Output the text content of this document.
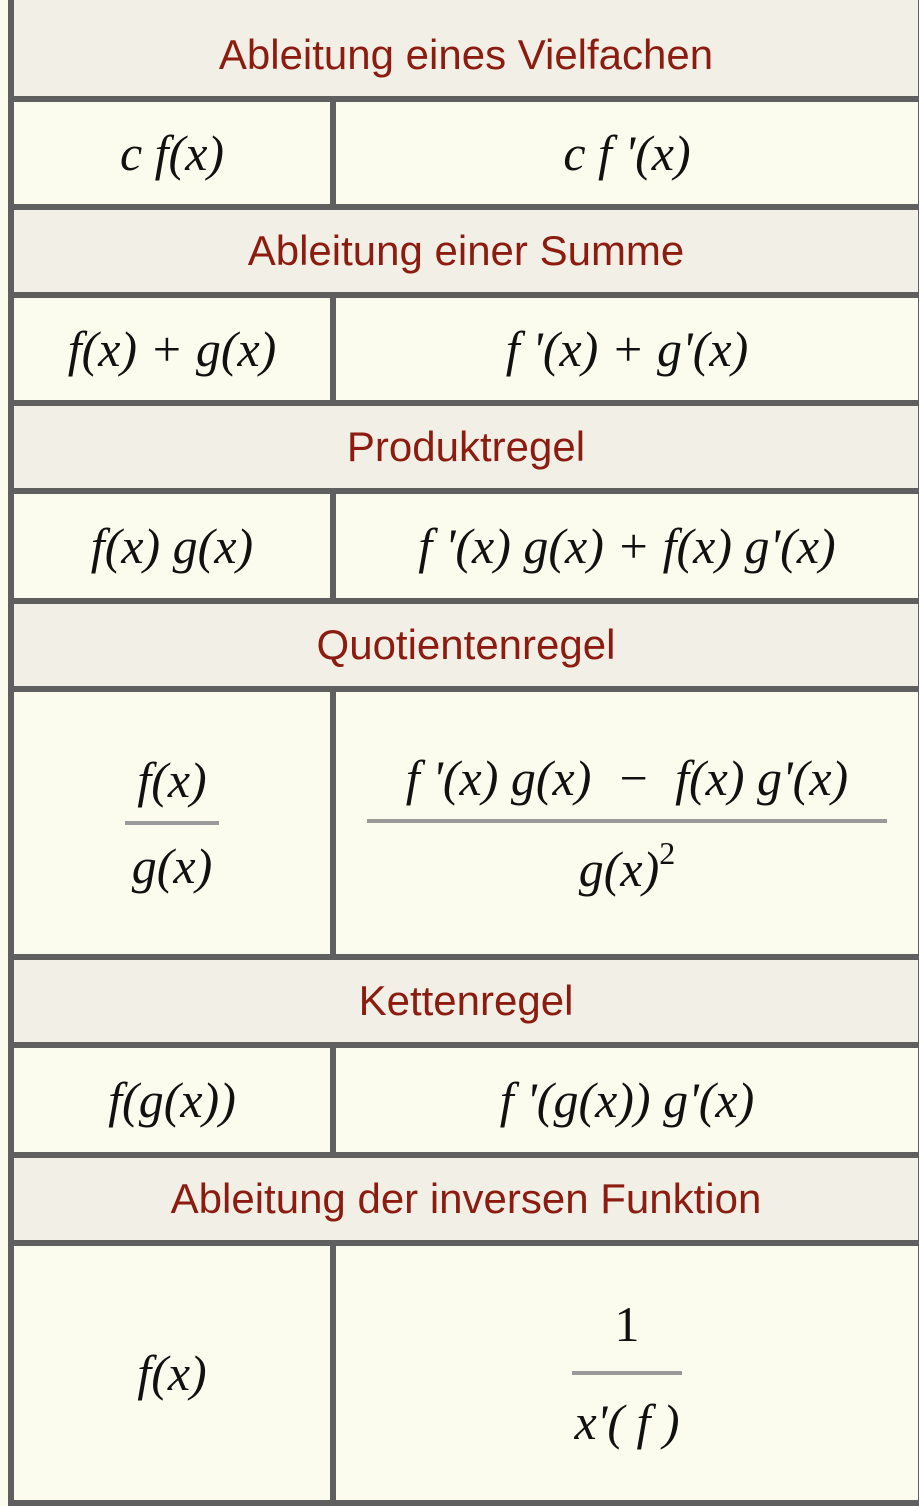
Ableitung eines Vielfachen
c f(x)	c f '(x)
Ableitung einer Summe
f(x) + g(x)	f '(x) + g'(x)
Produktregel
f(x) g(x)	f '(x) g(x) + f(x) g'(x)
Quotientenregel
$\frac{f(x)}{g(x)}$	$\frac{f '(x) g(x) - f(x) g'(x)}{g(x)^2}$
Kettenregel
f(g(x))	f '(g(x)) g'(x)
Ableitung der inversen Funktion
f(x)	$\frac{1}{x'( f )}$
